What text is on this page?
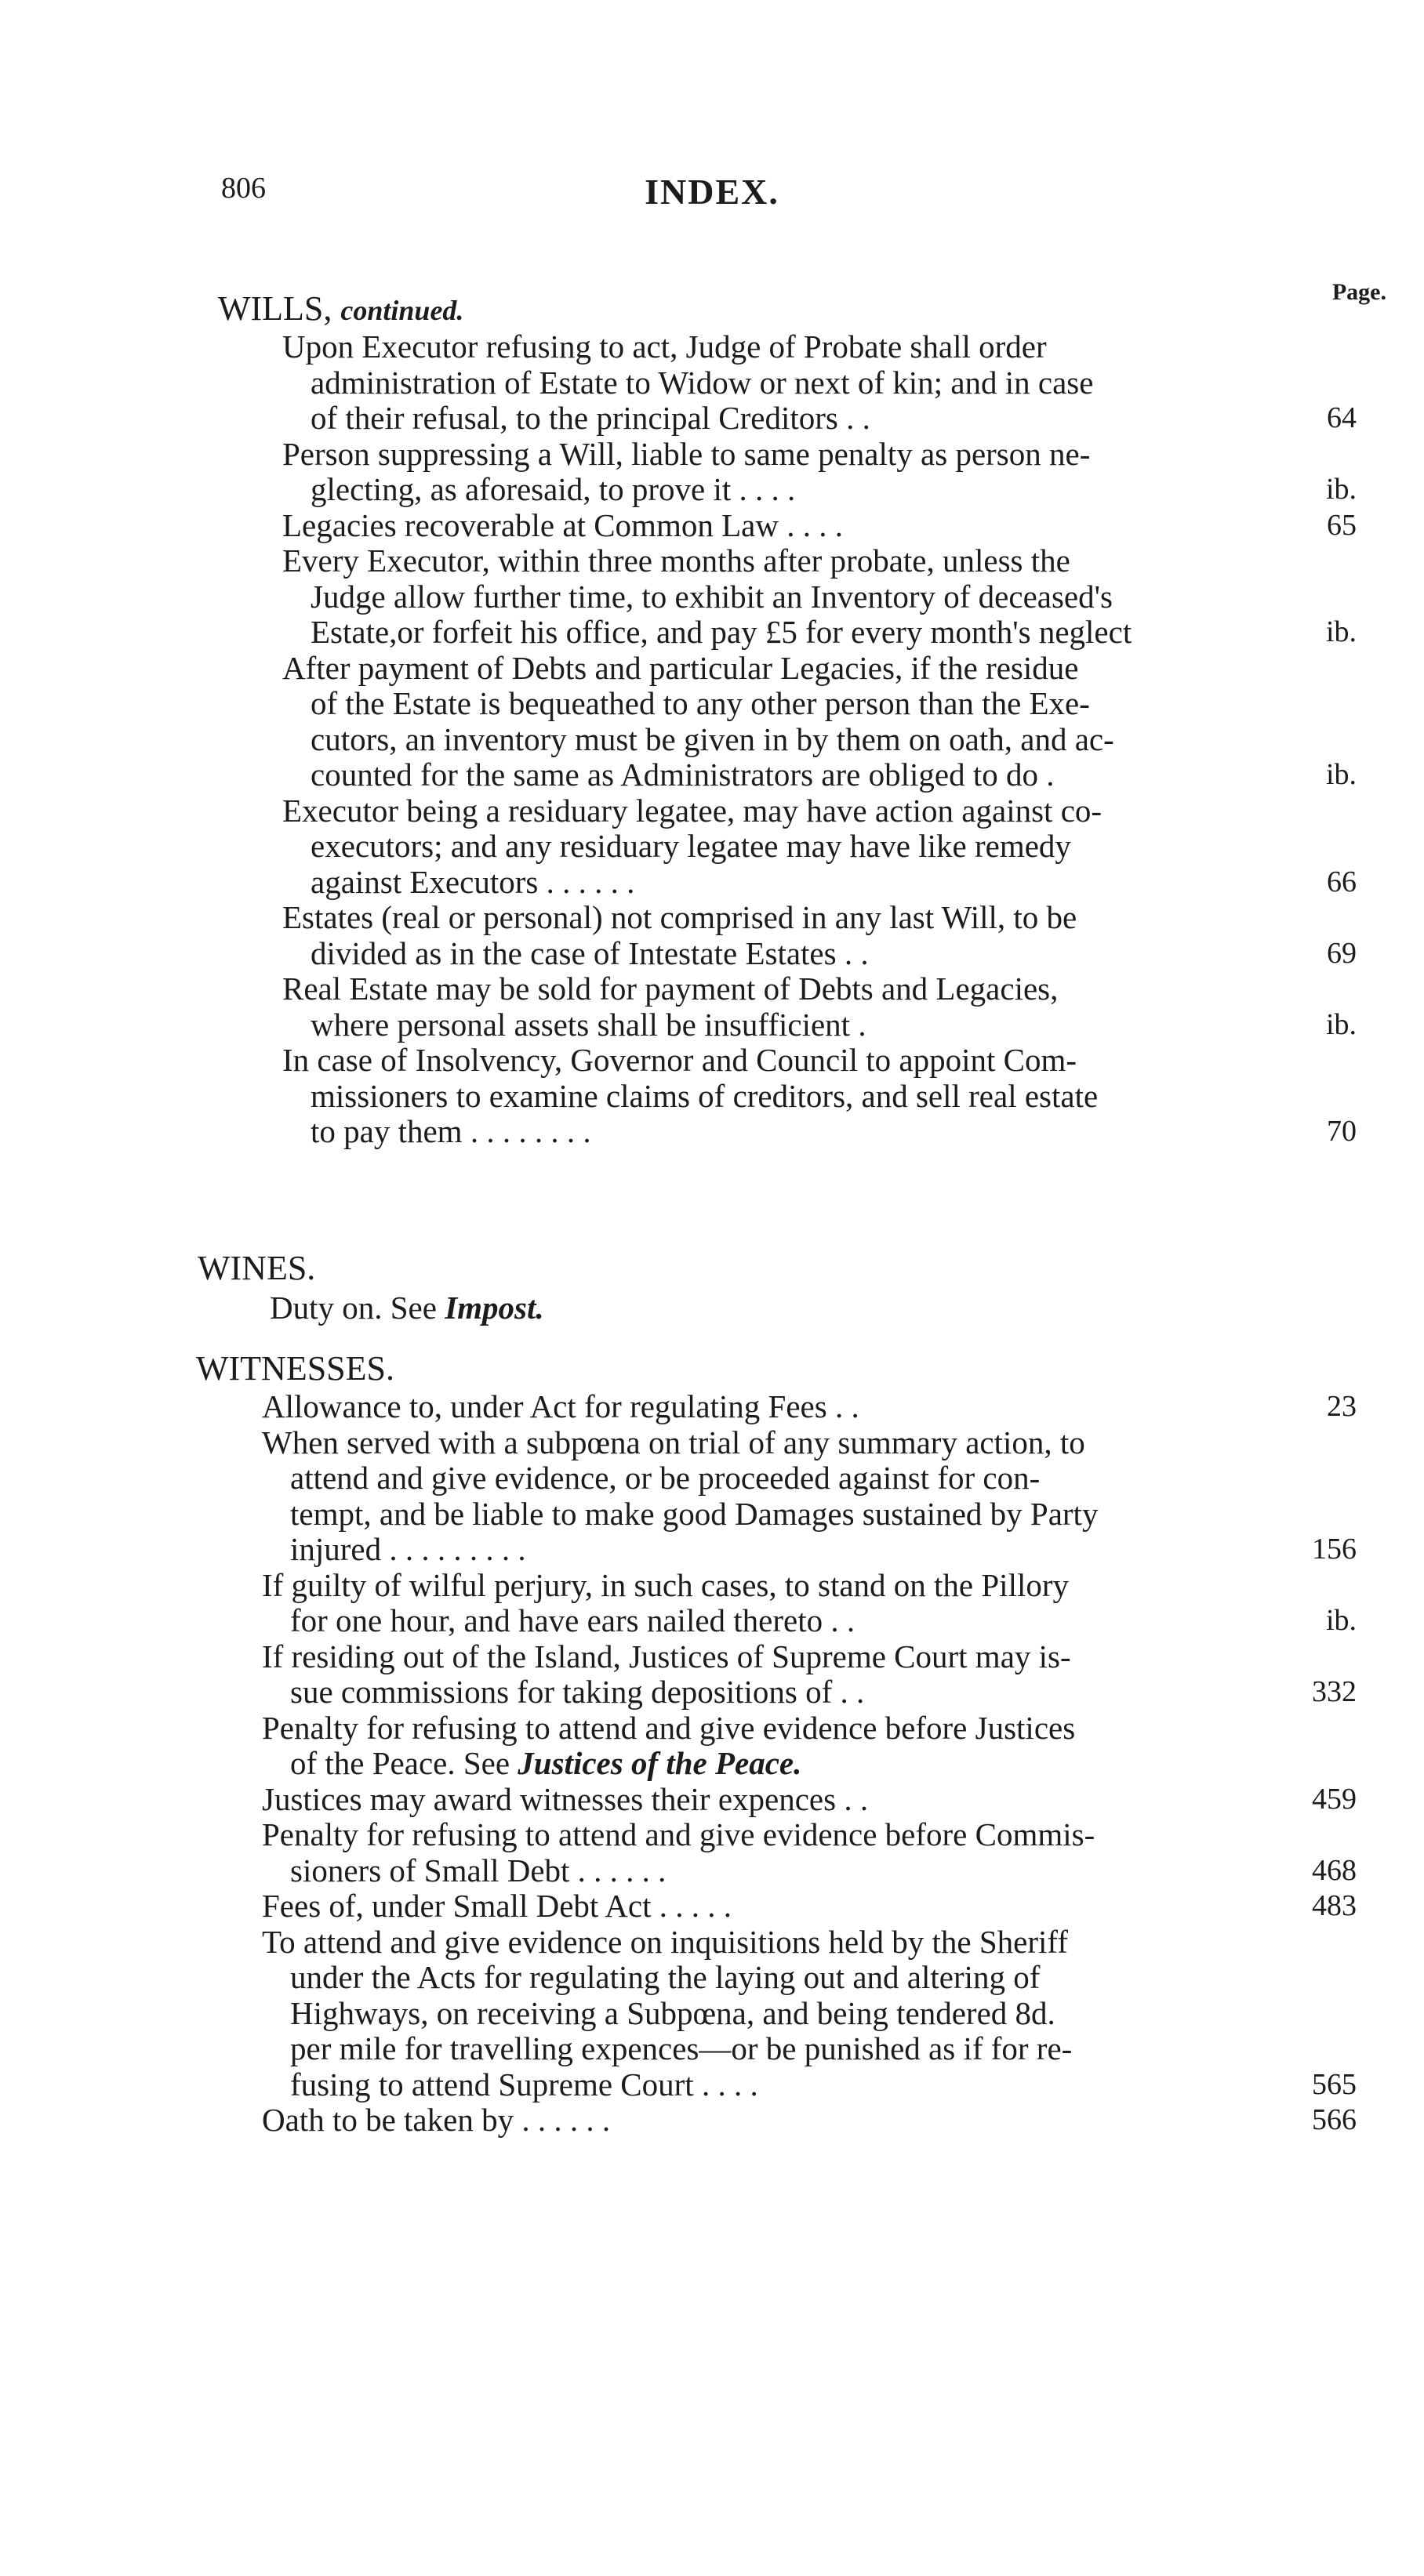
806	INDEX.
Page.
WILLS, continued.
Upon Executor refusing to act, Judge of Probate shall order
administration of Estate to Widow or next of kin; and in case
of their refusal, to the principal Creditors . .	64
Person suppressing a Will, liable to same penalty as person ne-
glecting, as aforesaid, to prove it . . . .	ib.
Legacies recoverable at Common Law . . . .	65
Every Executor, within three months after probate, unless the
Judge allow further time, to exhibit an Inventory of deceased's
Estate,or forfeit his office, and pay £5 for every month's neglect	ib.
After payment of Debts and particular Legacies, if the residue
of the Estate is bequeathed to any other person than the Exe-
cutors, an inventory must be given in by them on oath, and ac-
counted for the same as Administrators are obliged to do .	ib.
Executor being a residuary legatee, may have action against co-
executors; and any residuary legatee may have like remedy
against Executors . . . . . .	66
Estates (real or personal) not comprised in any last Will, to be
divided as in the case of Intestate Estates . .	69
Real Estate may be sold for payment of Debts and Legacies,
where personal assets shall be insufficient .	ib.
In case of Insolvency, Governor and Council to appoint Com-
missioners to examine claims of creditors, and sell real estate
to pay them . . . . . . . .	70
WINES.
Duty on. See Impost.
WITNESSES.
Allowance to, under Act for regulating Fees . .	23
When served with a subpœna on trial of any summary action, to
attend and give evidence, or be proceeded against for con-
tempt, and be liable to make good Damages sustained by Party
injured . . . . . . . . .	156
If guilty of wilful perjury, in such cases, to stand on the Pillory
for one hour, and have ears nailed thereto . .	ib.
If residing out of the Island, Justices of Supreme Court may is-
sue commissions for taking depositions of . .	332
Penalty for refusing to attend and give evidence before Justices
of the Peace. See Justices of the Peace.
Justices may award witnesses their expences . .	459
Penalty for refusing to attend and give evidence before Commis-
sioners of Small Debt . . . . . .	468
Fees of, under Small Debt Act . . . . .	483
To attend and give evidence on inquisitions held by the Sheriff
under the Acts for regulating the laying out and altering of
Highways, on receiving a Subpœna, and being tendered 8d.
per mile for travelling expences—or be punished as if for re-
fusing to attend Supreme Court . . . .	565
Oath to be taken by . . . . . .	566
